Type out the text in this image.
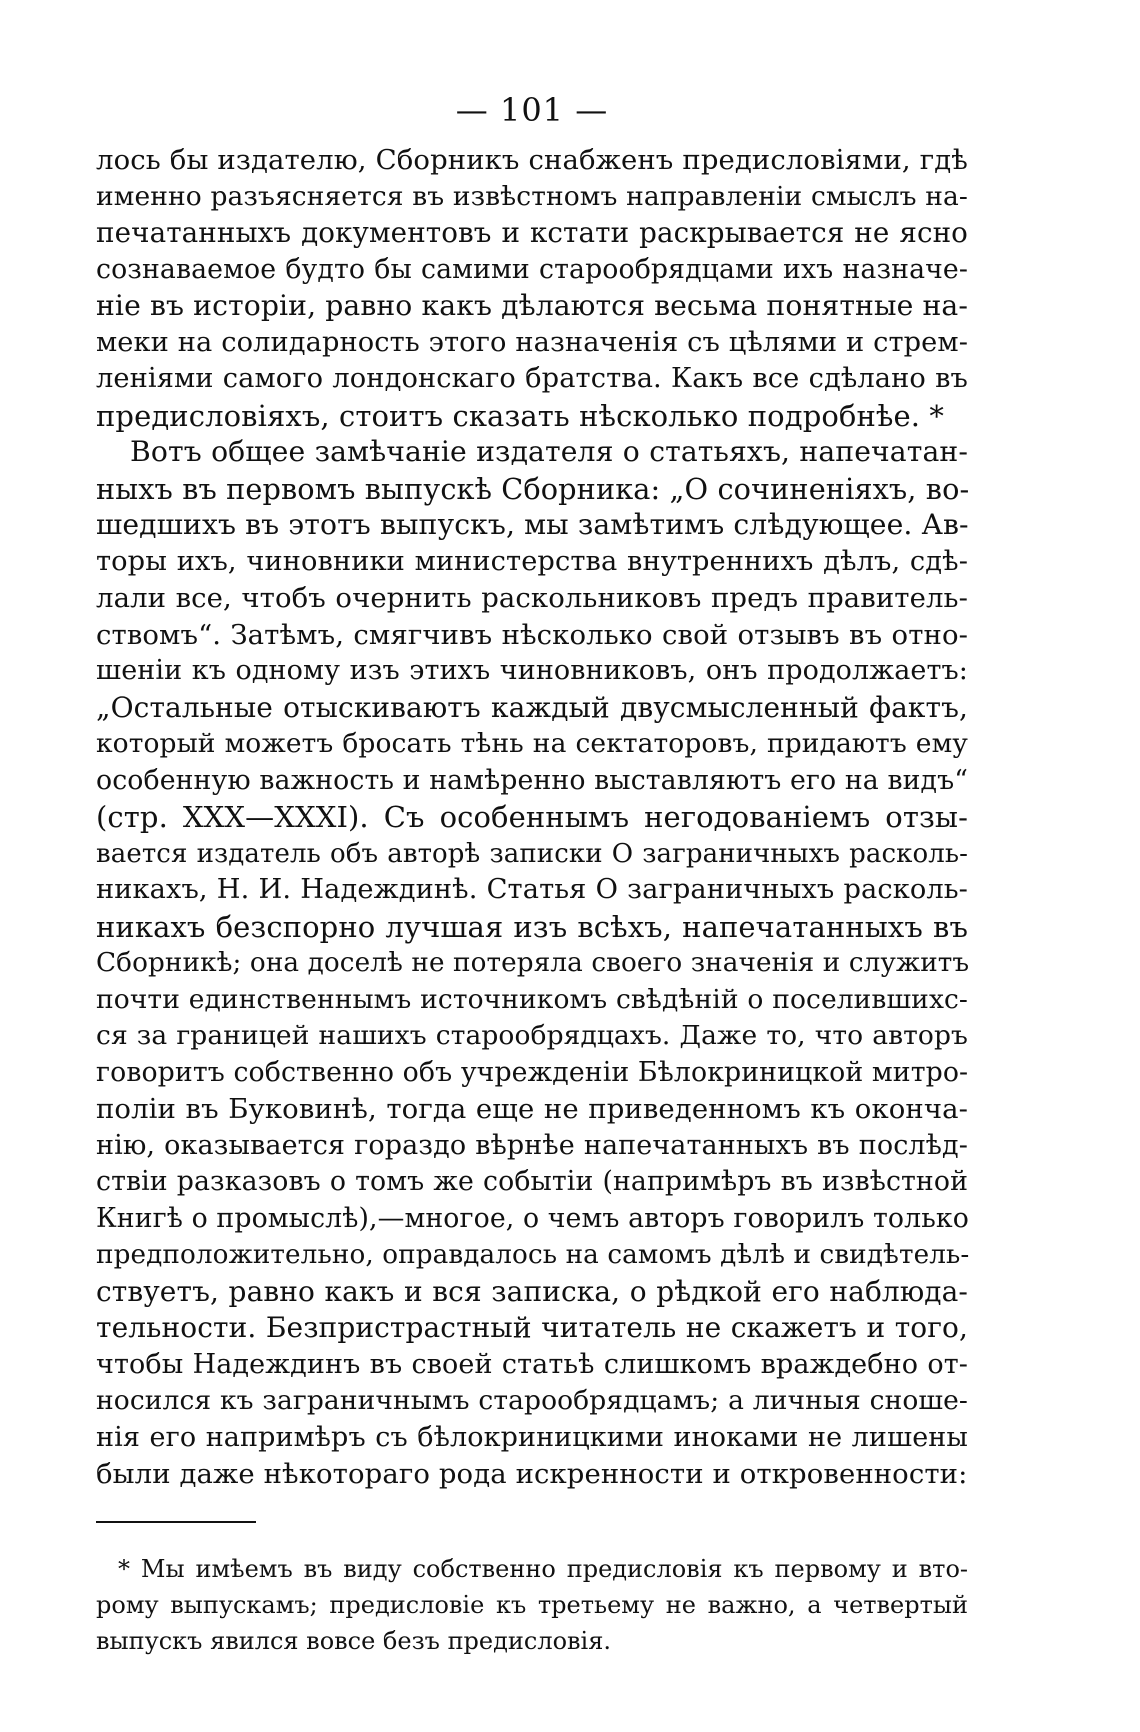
— 101 —
лось бы издателю, Сборникъ снабженъ предисловіями, гдѣ
именно разъясняется въ извѣстномъ направленіи смыслъ на-
печатанныхъ документовъ и кстати раскрывается не ясно
сознаваемое будто бы самими старообрядцами ихъ назначе-
ніе въ исторіи, равно какъ дѣлаются весьма понятные на-
меки на солидарность этого назначенія съ цѣлями и стрем-
леніями самого лондонскаго братства. Какъ все сдѣлано въ
предисловіяхъ, стоитъ сказать нѣсколько подробнѣе. *
Вотъ общее замѣчаніе издателя о статьяхъ, напечатан-
ныхъ въ первомъ выпускѣ Сборника: „О сочиненіяхъ, во-
шедшихъ въ этотъ выпускъ, мы замѣтимъ слѣдующее. Ав-
торы ихъ, чиновники министерства внутреннихъ дѣлъ, сдѣ-
лали все, чтобъ очернить раскольниковъ предъ правитель-
ствомъ“. Затѣмъ, смягчивъ нѣсколько свой отзывъ въ отно-
шеніи къ одному изъ этихъ чиновниковъ, онъ продолжаетъ:
„Остальные отыскиваютъ каждый двусмысленный фактъ,
который можетъ бросать тѣнь на сектаторовъ, придаютъ ему
особенную важность и намѣренно выставляютъ его на видъ“
(стр. XXX—XXXI). Съ особеннымъ негодованіемъ отзы-
вается издатель объ авторѣ записки О заграничныхъ расколь-
никахъ, Н. И. Надеждинѣ. Статья О заграничныхъ расколь-
никахъ безспорно лучшая изъ всѣхъ, напечатанныхъ въ
Сборникѣ; она доселѣ не потеряла своего значенія и служитъ
почти единственнымъ источникомъ свѣдѣній о поселившихс-
ся за границей нашихъ старообрядцахъ. Даже то, что авторъ
говоритъ собственно объ учрежденіи Бѣлокриницкой митро-
поліи въ Буковинѣ, тогда еще не приведенномъ къ оконча-
нію, оказывается гораздо вѣрнѣе напечатанныхъ въ послѣд-
ствіи разказовъ о томъ же событіи (напримѣръ въ извѣстной
Книгѣ о промыслѣ),—многое, о чемъ авторъ говорилъ только
предположительно, оправдалось на самомъ дѣлѣ и свидѣтель-
ствуетъ, равно какъ и вся записка, о рѣдкой его наблюда-
тельности. Безпристрастный читатель не скажетъ и того,
чтобы Надеждинъ въ своей статьѣ слишкомъ враждебно от-
носился къ заграничнымъ старообрядцамъ; а личныя сноше-
нія его напримѣръ съ бѣлокриницкими иноками не лишены
были даже нѣкотораго рода искренности и откровенности:
* Мы имѣемъ въ виду собственно предисловія къ первому и вто-
рому выпускамъ; предисловіе къ третьему не важно, а четвертый
выпускъ явился вовсе безъ предисловія.
